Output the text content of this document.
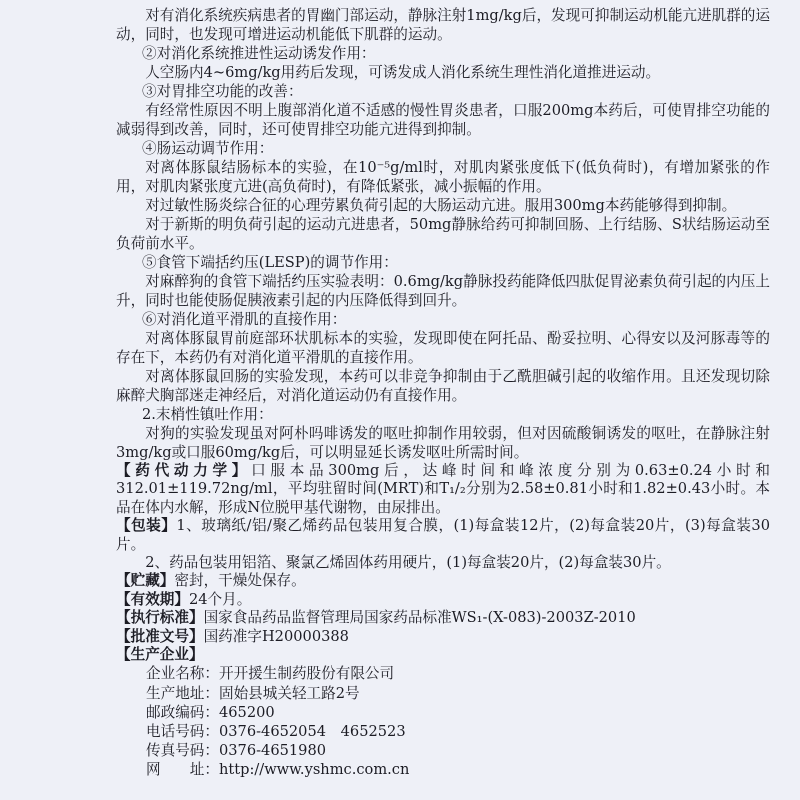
对有消化系统疾病患者的胃幽门部运动，静脉注射1mg/kg后，发现可抑制运动机能亢进肌群的运动，同时，也发现可增进运动机能低下肌群的运动。

②对消化系统推进性运动诱发作用：

人空肠内4~6mg/kg用药后发现，可诱发成人消化系统生理性消化道推进运动。

③对胃排空功能的改善：

有经常性原因不明上腹部消化道不适感的慢性胃炎患者，口服200mg本药后，可使胃排空功能的减弱得到改善，同时，还可使胃排空功能亢进得到抑制。

④肠运动调节作用：

对离体豚鼠结肠标本的实验，在10⁻⁵g/ml时，对肌肉紧张度低下(低负荷时)，有增加紧张的作用，对肌肉紧张度亢进(高负荷时)，有降低紧张，减小振幅的作用。

对过敏性肠炎综合征的心理劳累负荷引起的大肠运动亢进。服用300mg本药能够得到抑制。

对于新斯的明负荷引起的运动亢进患者，50mg静脉给药可抑制回肠、上行结肠、S状结肠运动至负荷前水平。

⑤食管下端括约压(LESP)的调节作用：

对麻醉狗的食管下端括约压实验表明：0.6mg/kg静脉投药能降低四肽促胃泌素负荷引起的内压上升，同时也能使肠促胰液素引起的内压降低得到回升。

⑥对消化道平滑肌的直接作用：

对离体豚鼠胃前庭部环状肌标本的实验，发现即使在阿托品、酚妥拉明、心得安以及河豚毒等的存在下，本药仍有对消化道平滑肌的直接作用。

对离体豚鼠回肠的实验发现，本药可以非竞争抑制由于乙酰胆碱引起的收缩作用。且还发现切除麻醉犬胸部迷走神经后，对消化道运动仍有直接作用。

2.末梢性镇吐作用：

对狗的实验发现虽对阿朴吗啡诱发的呕吐抑制作用较弱，但对因硫酸铜诱发的呕吐，在静脉注射3mg/kg或口服60mg/kg后，可以明显延长诱发呕吐所需时间。

【药代动力学】口服本品300mg后，达峰时间和峰浓度分别为0.63±0.24小时和312.01±119.72ng/ml，平均驻留时间(MRT)和T₁/₂分别为2.58±0.81小时和1.82±0.43小时。本品在体内水解，形成N位脱甲基代谢物，由尿排出。

【包装】1、玻璃纸/铝/聚乙烯药品包装用复合膜，(1)每盒装12片，(2)每盒装20片，(3)每盒装30片。

2、药品包装用铝箔、聚氯乙烯固体药用硬片，(1)每盒装20片，(2)每盒装30片。

【贮藏】密封，干燥处保存。

【有效期】24个月。

【执行标准】国家食品药品监督管理局国家药品标准WS₁-(X-083)-2003Z-2010

【批准文号】国药准字H20000388

【生产企业】

企业名称：开开援生制药股份有限公司
生产地址：固始县城关轻工路2号
邮政编码：465200
电话号码：0376-4652054　4652523
传真号码：0376-4651980
网　　址：http://www.yshmc.com.cn
